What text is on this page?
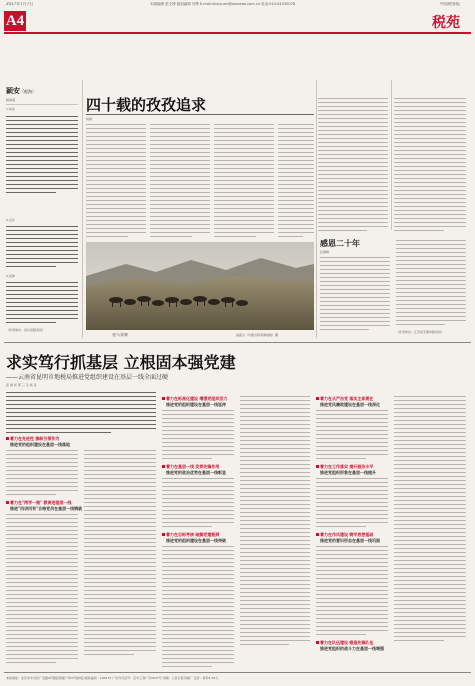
2017年7月7日	本版编辑 张文博 版面编辑 肖辉 E-mail:shuiyuan@taxnews.com.cn 电话:010-61930078	中国税务报
A4	税苑
颖安（税海）
税海观
1.综述
2.点评
3.延伸
（作者单位：四川省税务局）
四十载的孜孜追求
杨晨
骏马奔腾	翁振兴（内蒙古阿荣旗地税）摄
感恩二十年
汪继梅
（作者单位：江苏省无锡市税务局）
求实笃行抓基层 立根固本强党建
——云南省昆明市地税局推进党组织建设在基层一线全面过硬
张 国 祥 郭 三 宝 杨 丹
着力在先进性 旗帜引领作为
推进党的组织建设在基层一线落地
着力在"两学一做" 教育进基层一线
推进"四讲四有"合格党员在基层一线铸就
着力在标准化建设 增强党组织活力
推进党的组织建设在基层一线延伸
着力在基层一线 发挥先锋作用
推进党的政治优势在基层一线彰显
着力在目标考核 破解党建瓶颈
推进党的组织建设在基层一线突破
着力在从严治党 落实主体责任
推进党风廉政建设在基层一线深化
着力在工作落实 提升服务水平
推进党组织形象在基层一线提升
着力在作风建设 铸牢思想基础
推进党的意识形态在基层一线巩固
着力在队伍建设 锻造先锋队伍
推进党组织的战斗力在基层一线增强
本报地址：北京市丰台区广安路9号国投财富广场3号楼9层 邮政编码：100073 广告许可证号：京丰工商广字0047号 印刷：人民日报印刷厂 定价：每份1.50元
